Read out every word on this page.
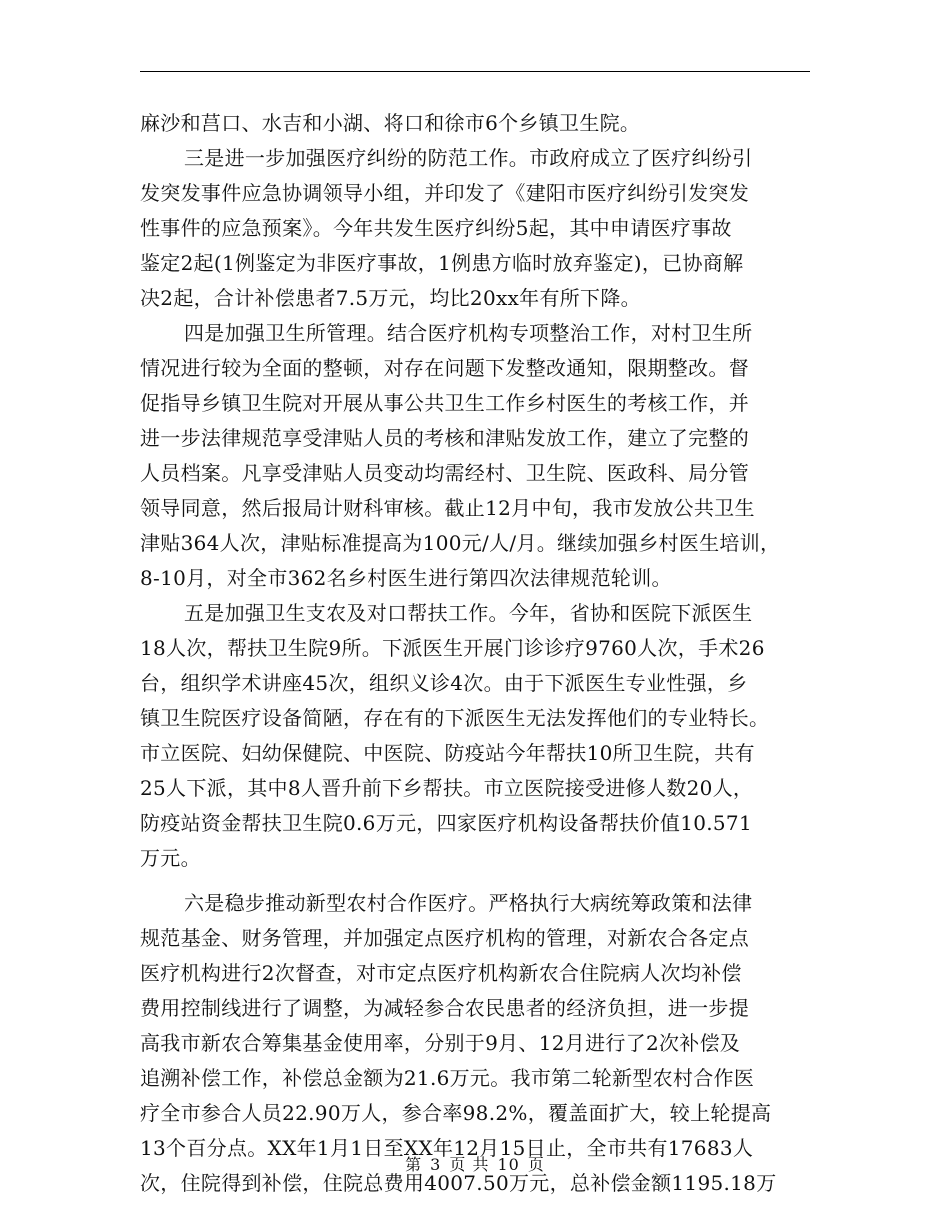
麻沙和莒口、水吉和小湖、将口和徐市6个乡镇卫生院。
三是进一步加强医疗纠纷的防范工作。市政府成立了医疗纠纷引
发突发事件应急协调领导小组，并印发了《建阳市医疗纠纷引发突发
性事件的应急预案》。今年共发生医疗纠纷5起，其中申请医疗事故
鉴定2起(1例鉴定为非医疗事故，1例患方临时放弃鉴定)，已协商解
决2起，合计补偿患者7.5万元，均比20xx年有所下降。
四是加强卫生所管理。结合医疗机构专项整治工作，对村卫生所
情况进行较为全面的整顿，对存在问题下发整改通知，限期整改。督
促指导乡镇卫生院对开展从事公共卫生工作乡村医生的考核工作，并
进一步法律规范享受津贴人员的考核和津贴发放工作，建立了完整的
人员档案。凡享受津贴人员变动均需经村、卫生院、医政科、局分管
领导同意，然后报局计财科审核。截止12月中旬，我市发放公共卫生
津贴364人次，津贴标准提高为100元/人/月。继续加强乡村医生培训，
8-10月，对全市362名乡村医生进行第四次法律规范轮训。
五是加强卫生支农及对口帮扶工作。今年，省协和医院下派医生
18人次，帮扶卫生院9所。下派医生开展门诊诊疗9760人次，手术26
台，组织学术讲座45次，组织义诊4次。由于下派医生专业性强，乡
镇卫生院医疗设备简陋，存在有的下派医生无法发挥他们的专业特长。
市立医院、妇幼保健院、中医院、防疫站今年帮扶10所卫生院，共有
25人下派，其中8人晋升前下乡帮扶。市立医院接受进修人数20人，
防疫站资金帮扶卫生院0.6万元，四家医疗机构设备帮扶价值10.571
万元。
六是稳步推动新型农村合作医疗。严格执行大病统筹政策和法律
规范基金、财务管理，并加强定点医疗机构的管理，对新农合各定点
医疗机构进行2次督查，对市定点医疗机构新农合住院病人次均补偿
费用控制线进行了调整，为减轻参合农民患者的经济负担，进一步提
高我市新农合筹集基金使用率，分别于9月、12月进行了2次补偿及
追溯补偿工作，补偿总金额为21.6万元。我市第二轮新型农村合作医
疗全市参合人员22.90万人，参合率98.2%，覆盖面扩大，较上轮提高
13个百分点。XX年1月1日至XX年12月15日止，全市共有17683人
次，住院得到补偿，住院总费用4007.50万元，总补偿金额1195.18万
第 3 页 共 10 页
